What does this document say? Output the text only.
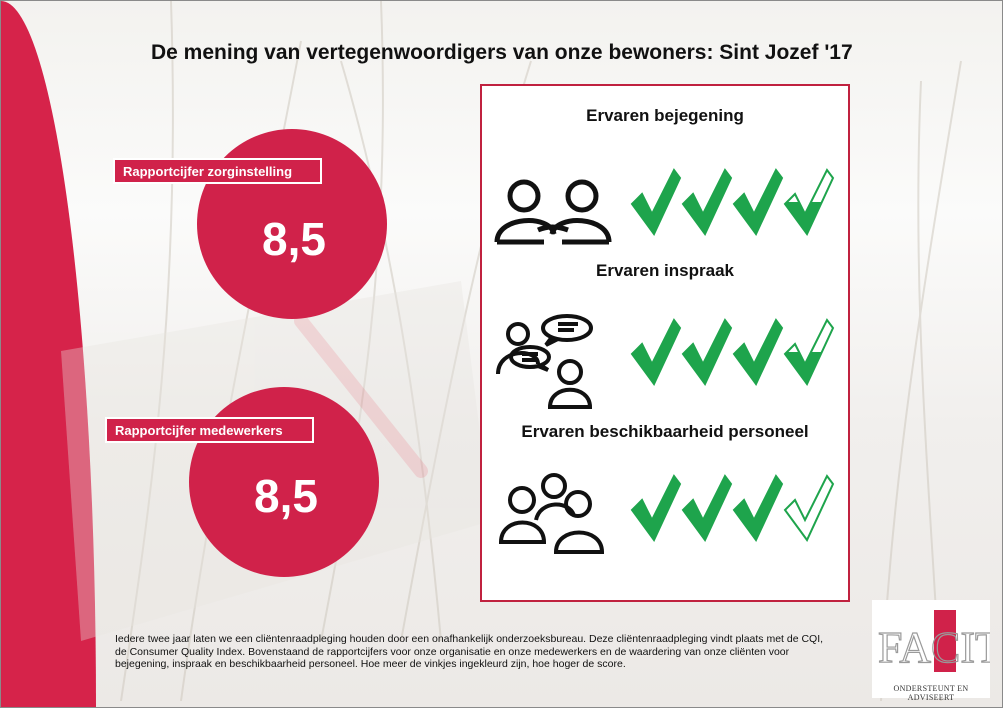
De mening van vertegenwoordigers van onze bewoners: Sint Jozef '17
8,5
Rapportcijfer zorginstelling
8,5
Rapportcijfer medewerkers
Ervaren bejegening
Ervaren inspraak
Ervaren beschikbaarheid personeel
Iedere twee jaar laten we een cliëntenraadpleging houden door een onafhankelijk onderzoeksbureau. Deze cliëntenraadpleging vindt plaats met de CQI, de Consumer Quality Index. Bovenstaand de rapportcijfers voor onze organisatie en onze medewerkers en de waardering van onze cliënten voor bejegening, inspraak en beschikbaarheid personeel. Hoe meer de vinkjes ingekleurd zijn, hoe hoger de score.	FACIT
ONDERSTEUNT EN ADVISEERT
